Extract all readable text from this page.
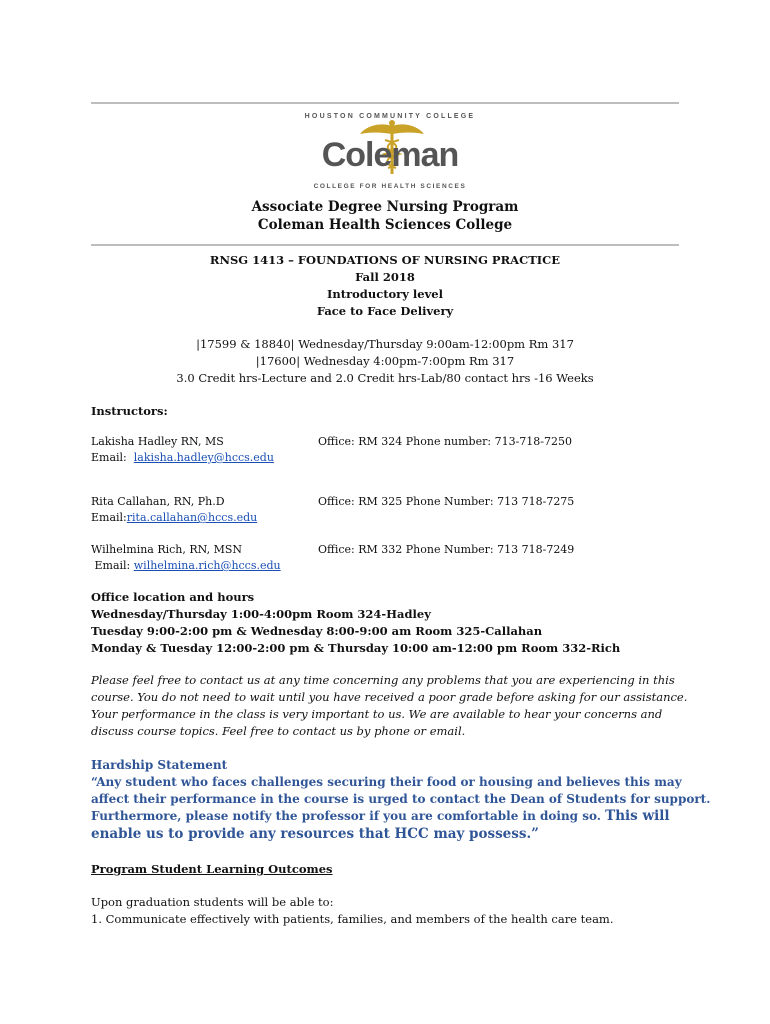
HOUSTON COMMUNITY COLLEGE
Coleman
COLLEGE FOR HEALTH SCIENCES
Associate Degree Nursing Program
Coleman Health Sciences College
RNSG 1413 – FOUNDATIONS OF NURSING PRACTICE
Fall 2018
Introductory level
Face to Face Delivery
|17599 & 18840| Wednesday/Thursday 9:00am-12:00pm Rm 317
|17600| Wednesday 4:00pm-7:00pm Rm 317
3.0 Credit hrs-Lecture and 2.0 Credit hrs-Lab/80 contact hrs -16 Weeks
Instructors:
Lakisha Hadley RN, MS
Email:  lakisha.hadley@hccs.edu
Office: RM 324 Phone number: 713-718-7250
Rita Callahan, RN, Ph.D
Email:rita.callahan@hccs.edu
Office: RM 325 Phone Number: 713 718-7275
Wilhelmina Rich, RN, MSN
Email: wilhelmina.rich@hccs.edu
Office: RM 332 Phone Number: 713 718-7249
Office location and hours
Wednesday/Thursday 1:00-4:00pm Room 324-Hadley
Tuesday 9:00-2:00 pm & Wednesday 8:00-9:00 am Room 325-Callahan
Monday & Tuesday 12:00-2:00 pm & Thursday 10:00 am-12:00 pm Room 332-Rich
Please feel free to contact us at any time concerning any problems that you are experiencing in this
course. You do not need to wait until you have received a poor grade before asking for our assistance.
Your performance in the class is very important to us. We are available to hear your concerns and
discuss course topics. Feel free to contact us by phone or email.
Hardship Statement
“Any student who faces challenges securing their food or housing and believes this may
affect their performance in the course is urged to contact the Dean of Students for support.
Furthermore, please notify the professor if you are comfortable in doing so. This will
enable us to provide any resources that HCC may possess.”
Program Student Learning Outcomes
Upon graduation students will be able to:
1. Communicate effectively with patients, families, and members of the health care team.
